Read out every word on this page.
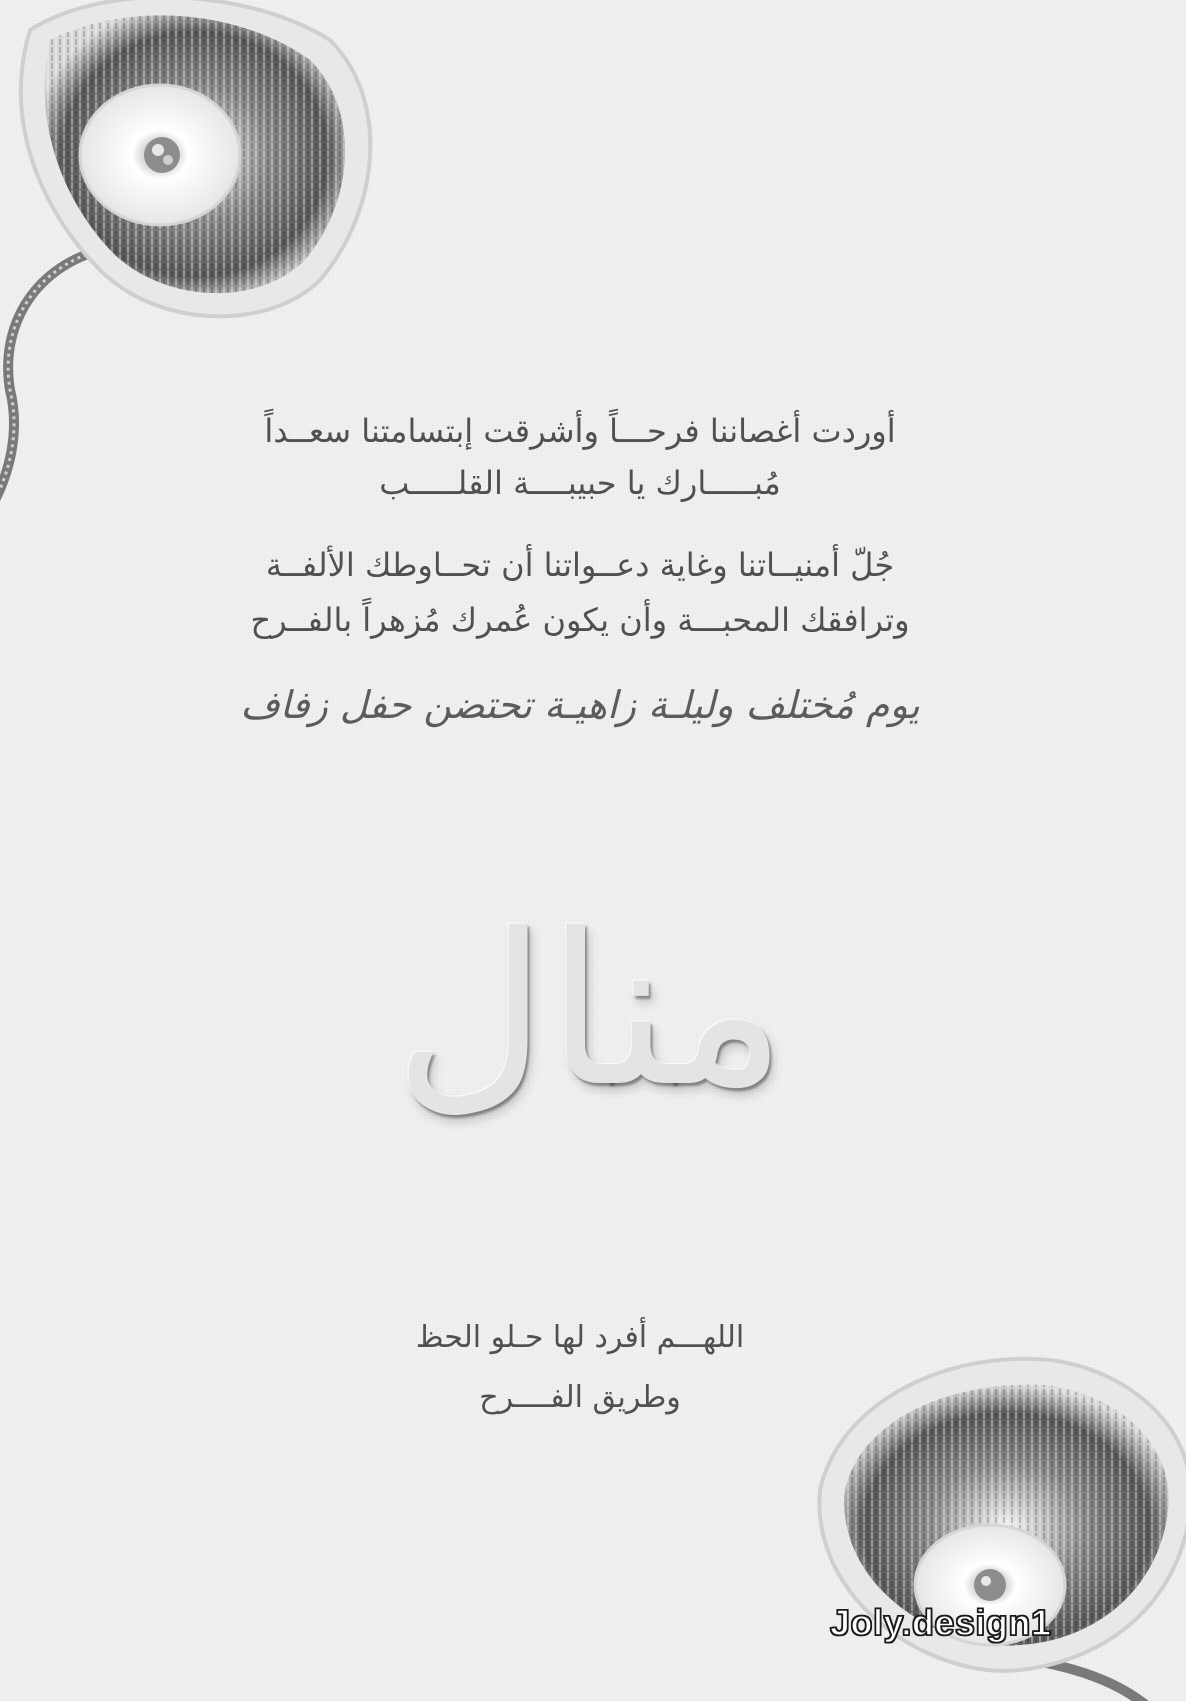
أوردت أغصاننا فرحـــاً وأشرقت إبتسامتنا سعــداً
مُبـــــارك يا حبيبــــة القلـــــب
جُلّ أمنيــاتنا وغاية دعــواتنا أن تحــاوطك الألفــة
وترافقك المحبـــة وأن يكون عُمرك مُزهراً بالفــرح
يوم مُختلف وليلـة زاهيـة تحتضن حفل زفاف
منال
اللهـــم أفرد لها حـلو الحظ
وطريق الفــــرح
Joly.design1
